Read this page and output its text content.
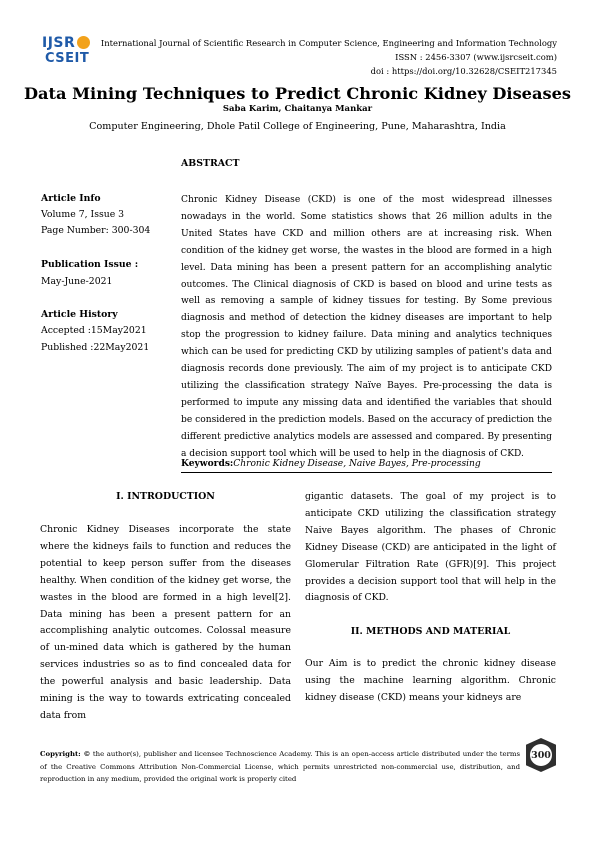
IJSR
CSEIT
International Journal of Scientific Research in Computer Science, Engineering and Information Technology
ISSN : 2456-3307 (www.ijsrcseit.com)
doi : https://doi.org/10.32628/CSEIT217345
Data Mining Techniques to Predict Chronic Kidney Diseases
Saba Karim, Chaitanya Mankar
Computer Engineering, Dhole Patil College of Engineering, Pune, Maharashtra, India
ABSTRACT
Article Info
Volume 7, Issue 3
Page Number: 300-304
Publication Issue :
May-June-2021
Article History
Accepted :15May2021
Published :22May2021
Chronic Kidney Disease (CKD) is one of the most widespread illnesses nowadays in the world. Some statistics shows that 26 million adults in the United States have CKD and million others are at increasing risk. When condition of the kidney get worse, the wastes in the blood are formed in a high level. Data mining has been a present pattern for an accomplishing analytic outcomes. The Clinical diagnosis of CKD is based on blood and urine tests as well as removing a sample of kidney tissues for testing. By Some previous diagnosis and method of detection the kidney diseases are important to help stop the progression to kidney failure. Data mining and analytics techniques which can be used for predicting CKD by utilizing samples of patient's data and diagnosis records done previously. The aim of my project is to anticipate CKD utilizing the classification strategy Naïve Bayes. Pre-processing the data is performed to impute any missing data and identified the variables that should be considered in the prediction models. Based on the accuracy of prediction the different predictive analytics models are assessed and compared. By presenting a decision support tool which will be used to help in the diagnosis of CKD.
Keywords:Chronic Kidney Disease, Naive Bayes, Pre-processing
I. INTRODUCTION
Chronic Kidney Diseases incorporate the state where the kidneys fails to function and reduces the potential to keep person suffer from the diseases healthy. When condition of the kidney get worse, the wastes in the blood are formed in a high level[2]. Data mining has been a present pattern for an accomplishing analytic outcomes. Colossal measure of un-mined data which is gathered by the human services industries so as to find concealed data for the powerful analysis and basic leadership. Data mining is the way to towards extricating concealed data from
gigantic datasets. The goal of my project is to anticipate CKD utilizing the classification strategy Naive Bayes algorithm. The phases of Chronic Kidney Disease (CKD) are anticipated in the light of Glomerular Filtration Rate (GFR)[9]. This project provides a decision support tool that will help in the diagnosis of CKD.
II. METHODS AND MATERIAL
Our Aim is to predict the chronic kidney disease using the machine learning algorithm. Chronic kidney disease (CKD) means your kidneys are
Copyright: © the author(s), publisher and licensee Technoscience Academy. This is an open-access article distributed under the terms of the Creative Commons Attribution Non-Commercial License, which permits unrestricted non-commercial use, distribution, and reproduction in any medium, provided the original work is properly cited
300
